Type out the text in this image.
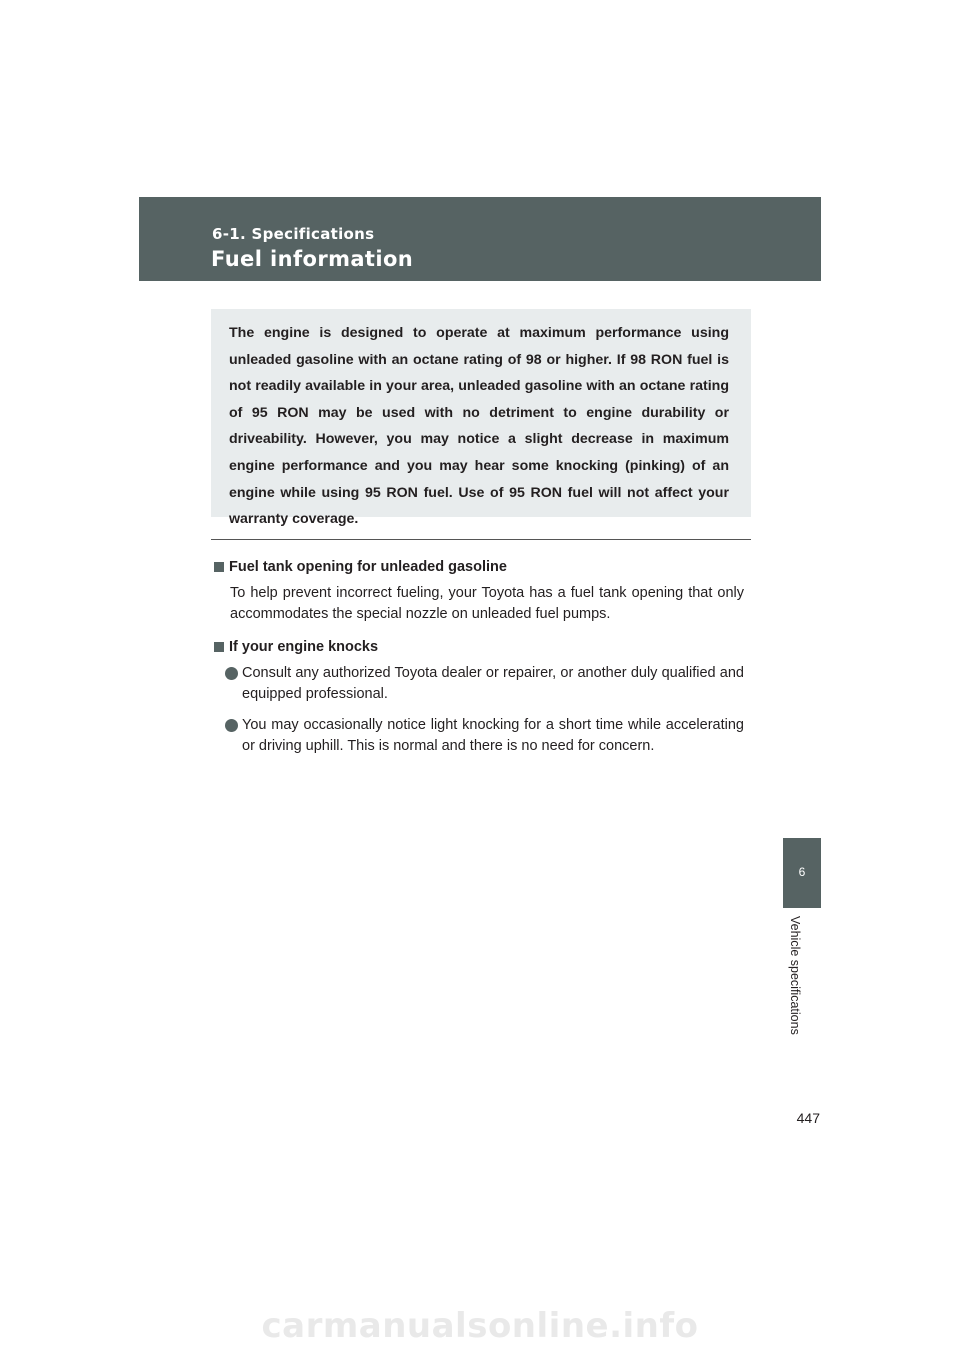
6-1. Specifications
Fuel information

The engine is designed to operate at maximum performance using unleaded gasoline with an octane rating of 98 or higher. If 98 RON fuel is not readily available in your area, unleaded gasoline with an octane rating of 95 RON may be used with no detriment to engine durability or driveability. However, you may notice a slight decrease in maximum engine performance and you may hear some knocking (pinking) of an engine while using 95 RON fuel. Use of 95 RON fuel will not affect your warranty coverage.

Fuel tank opening for unleaded gasoline

To help prevent incorrect fueling, your Toyota has a fuel tank opening that only accommodates the special nozzle on unleaded fuel pumps.

If your engine knocks
Consult any authorized Toyota dealer or repairer, or another duly qualified and equipped professional.
You may occasionally notice light knocking for a short time while accelerating or driving uphill. This is normal and there is no need for concern.
6
Vehicle specifications
447
carmanualsonline.info
